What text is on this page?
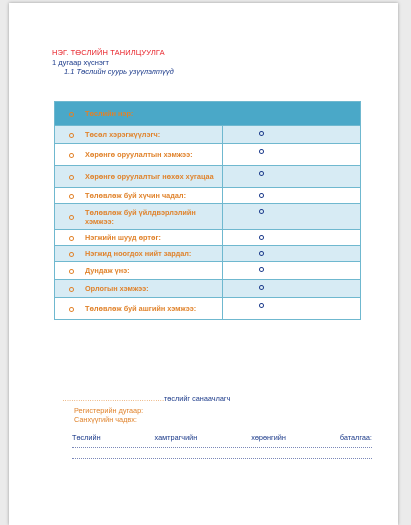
НЭГ. ТӨСЛИЙН ТАНИЛЦУУЛГА
1 дугаар хүснэгт
1.1 Төслийн суурь узүүлэлтүүд
Төслийн нэр:	

Төсөл хэрэгжүүлэгч:	

Хөрөнгө оруулалтын хэмжээ:	

Хөрөнгө оруулалтыг нөхөх хугацаа	

Төлөвлөж буй хүчин чадал:	

Төлөвлөж буй үйлдвэрлэлийн хэмжээ:	

Нэгжийн шууд өртөг:	

Нэгжид ноогдох нийт зардал:	

Дундаж үнэ:	

Орлогын хэмжээ:	

Төлөвлөж буй ашгийн хэмжээ:	
………………………………………төслийг санаачлагч
Регистерийн дугаар:
Санхүүгийн чадвх:
Төслийн	хамтрагчийн	хөрөнгийн	баталгаа:
